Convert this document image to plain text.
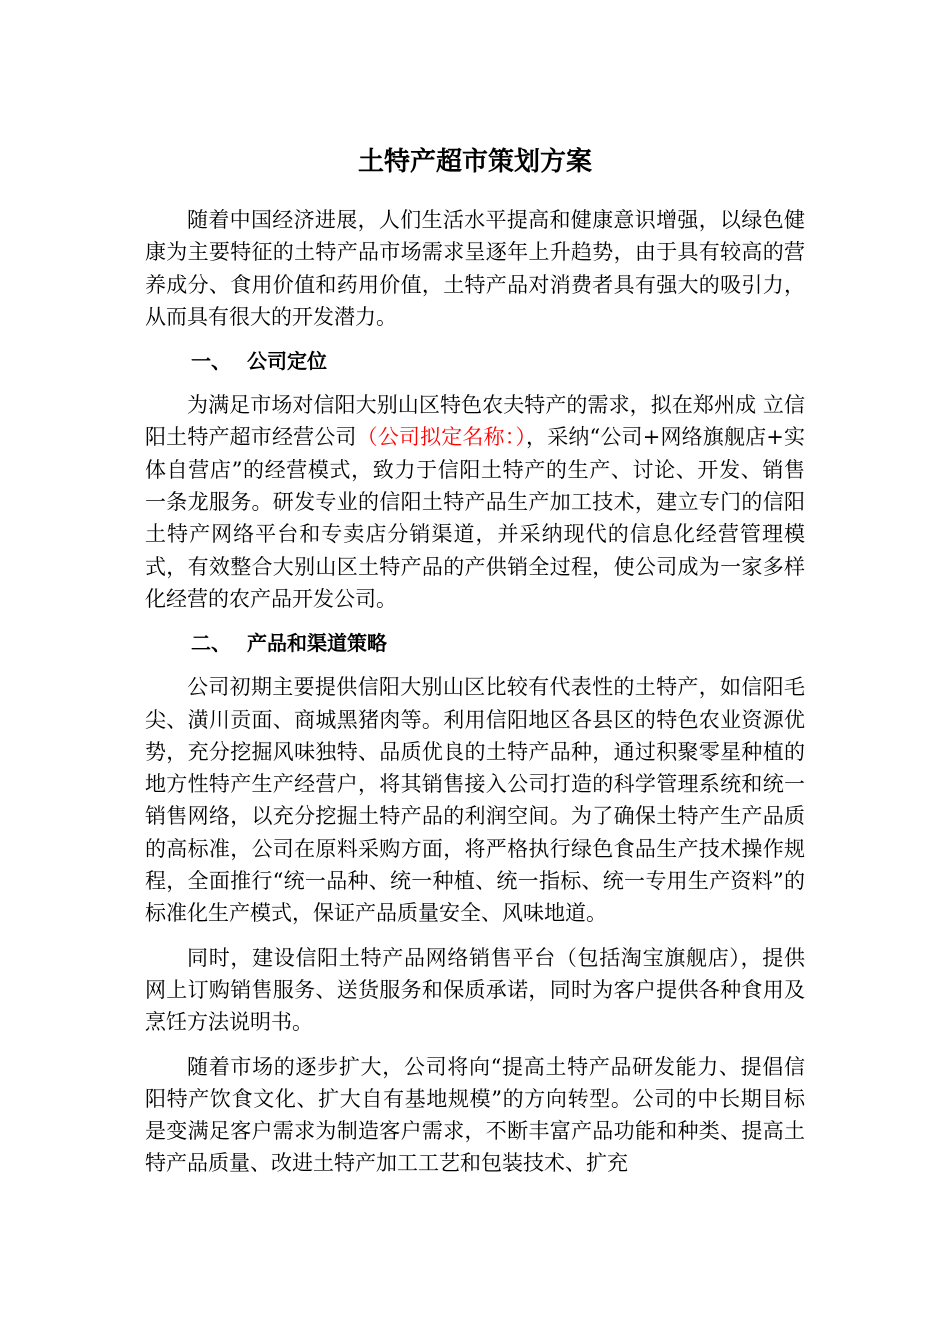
土特产超市策划方案

随着中国经济进展，人们生活水平提高和健康意识增强，以绿色健康为主要特征的土特产品市场需求呈逐年上升趋势，由于具有较高的营养成分、食用价值和药用价值，土特产品对消费者具有强大的吸引力，从而具有很大的开发潜力。

一、 公司定位

为满足市场对信阳大别山区特色农夫特产的需求，拟在郑州成 立信阳土特产超市经营公司（公司拟定名称：），采纳“公司+网络旗舰店+实体自营店”的经营模式，致力于信阳土特产的生产、讨论、开发、销售一条龙服务。研发专业的信阳土特产品生产加工技术，建立专门的信阳土特产网络平台和专卖店分销渠道，并采纳现代的信息化经营管理模式，有效整合大别山区土特产品的产供销全过程，使公司成为一家多样化经营的农产品开发公司。

二、 产品和渠道策略

公司初期主要提供信阳大别山区比较有代表性的土特产，如信阳毛尖、潢川贡面、商城黑猪肉等。利用信阳地区各县区的特色农业资源优势，充分挖掘风味独特、品质优良的土特产品种，通过积聚零星种植的地方性特产生产经营户，将其销售接入公司打造的科学管理系统和统一销售网络，以充分挖掘土特产品的利润空间。为了确保土特产生产品质的高标准，公司在原料采购方面，将严格执行绿色食品生产技术操作规程，全面推行“统一品种、统一种植、统一指标、统一专用生产资料”的标准化生产模式，保证产品质量安全、风味地道。

同时，建设信阳土特产品网络销售平台（包括淘宝旗舰店），提供网上订购销售服务、送货服务和保质承诺，同时为客户提供各种食用及烹饪方法说明书。

随着市场的逐步扩大，公司将向“提高土特产品研发能力、提倡信阳特产饮食文化、扩大自有基地规模”的方向转型。公司的中长期目标是变满足客户需求为制造客户需求，不断丰富产品功能和种类、提高土特产品质量、改进土特产加工工艺和包装技术、扩充
